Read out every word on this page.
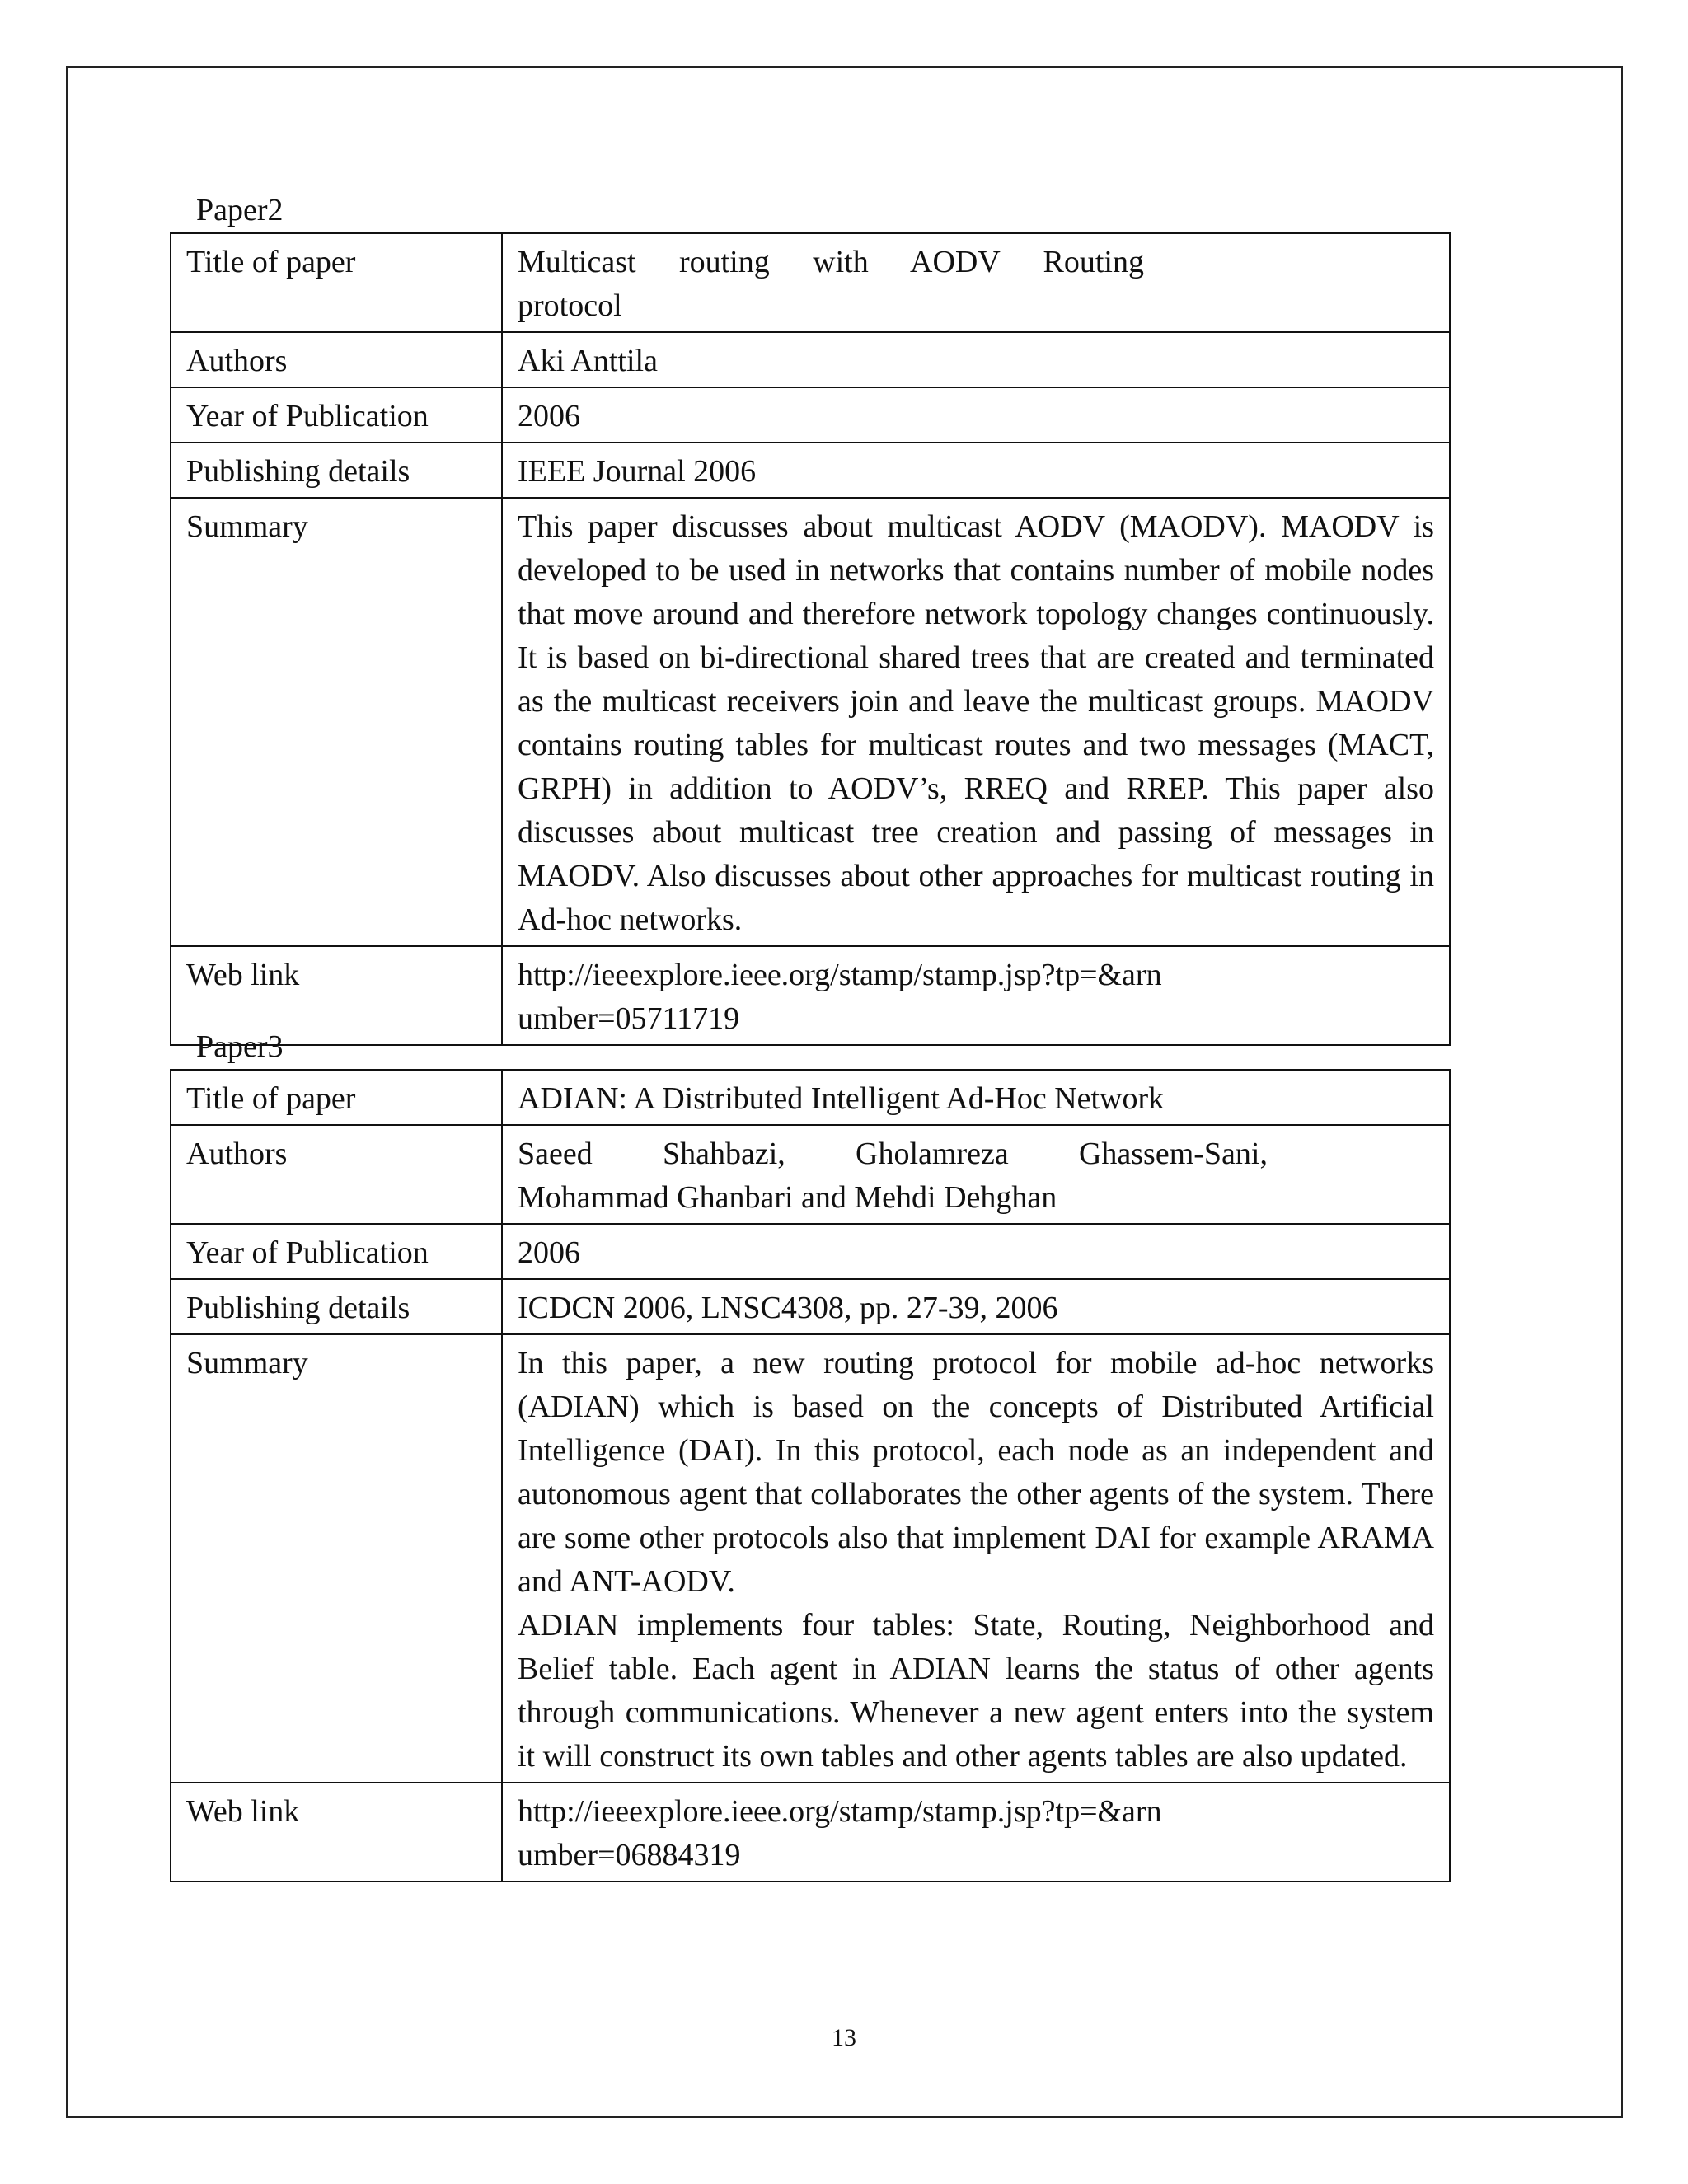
Paper2
Title of paper	Multicast routing with AODV Routing
protocol

Authors	Aki Anttila
Year of Publication	2006
Publishing details	IEEE Journal 2006
Summary	This paper discusses about multicast AODV (MAODV). MAODV is developed to be used in networks that contains number of mobile nodes that move around and therefore network topology changes continuously. It is based on bi-directional shared trees that are created and terminated as the multicast receivers join and leave the multicast groups. MAODV contains routing tables for multicast routes and two messages (MACT, GRPH) in addition to AODV’s, RREQ and RREP. This paper also discusses about multicast tree creation and passing of messages in MAODV. Also discusses about other approaches for multicast routing in Ad-hoc networks.
Web link	http://ieeexplore.ieee.org/stamp/stamp.jsp?tp=&arnumber=05711719
Paper3
Title of paper	ADIAN: A Distributed Intelligent Ad-Hoc Network
Authors	Saeed Shahbazi, Gholamreza Ghassem-Sani,
Mohammad Ghanbari and Mehdi Dehghan

Year of Publication	2006
Publishing details	ICDCN 2006, LNSC4308, pp. 27-39, 2006
Summary	In this paper, a new routing protocol for mobile ad-hoc networks (ADIAN) which is based on the concepts of Distributed Artificial Intelligence (DAI). In this protocol, each node as an independent and autonomous agent that collaborates the other agents of the system. There are some other protocols also that implement DAI for example ARAMA and ANT-AODV.
ADIAN implements four tables: State, Routing, Neighborhood and Belief table. Each agent in ADIAN learns the status of other agents through communications. Whenever a new agent enters into the system it will construct its own tables and other agents tables are also updated.

Web link	http://ieeexplore.ieee.org/stamp/stamp.jsp?tp=&arnumber=06884319
13
